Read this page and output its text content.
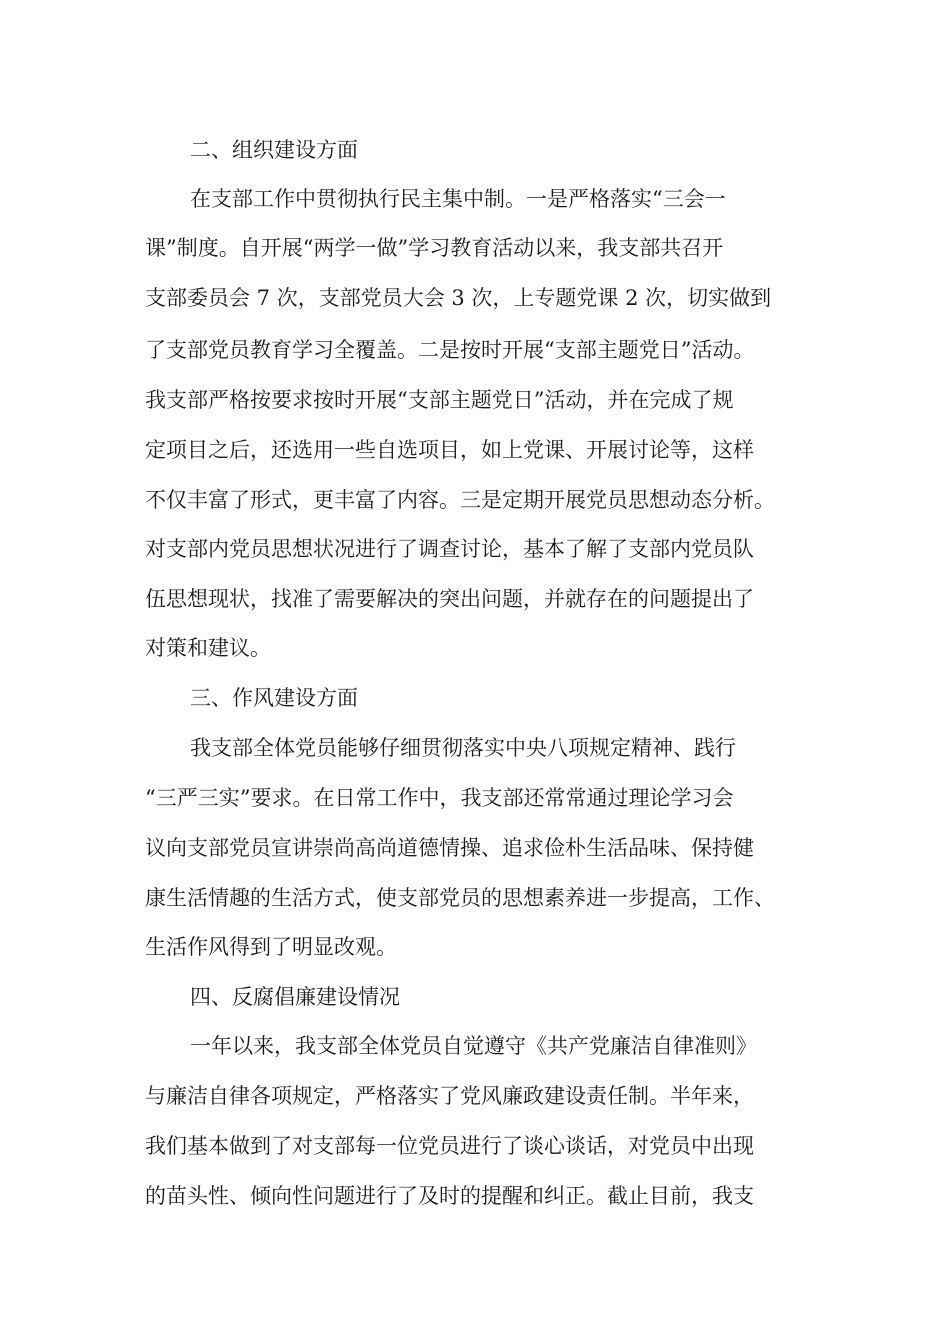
二、组织建设方面
在支部工作中贯彻执行民主集中制。一是严格落实“三会一
课”制度。自开展“两学一做”学习教育活动以来，我支部共召开
支部委员会 7 次，支部党员大会 3 次，上专题党课 2 次，切实做到
了支部党员教育学习全覆盖。二是按时开展“支部主题党日”活动。
我支部严格按要求按时开展“支部主题党日”活动，并在完成了规
定项目之后，还选用一些自选项目，如上党课、开展讨论等，这样
不仅丰富了形式，更丰富了内容。三是定期开展党员思想动态分析。
对支部内党员思想状况进行了调查讨论，基本了解了支部内党员队
伍思想现状，找准了需要解决的突出问题，并就存在的问题提出了
对策和建议。
三、作风建设方面
我支部全体党员能够仔细贯彻落实中央八项规定精神、践行
“三严三实”要求。在日常工作中，我支部还常常通过理论学习会
议向支部党员宣讲崇尚高尚道德情操、追求俭朴生活品味、保持健
康生活情趣的生活方式，使支部党员的思想素养进一步提高，工作、
生活作风得到了明显改观。
四、反腐倡廉建设情况
一年以来，我支部全体党员自觉遵守《共产党廉洁自律准则》
与廉洁自律各项规定，严格落实了党风廉政建设责任制。半年来，
我们基本做到了对支部每一位党员进行了谈心谈话，对党员中出现
的苗头性、倾向性问题进行了及时的提醒和纠正。截止目前，我支
